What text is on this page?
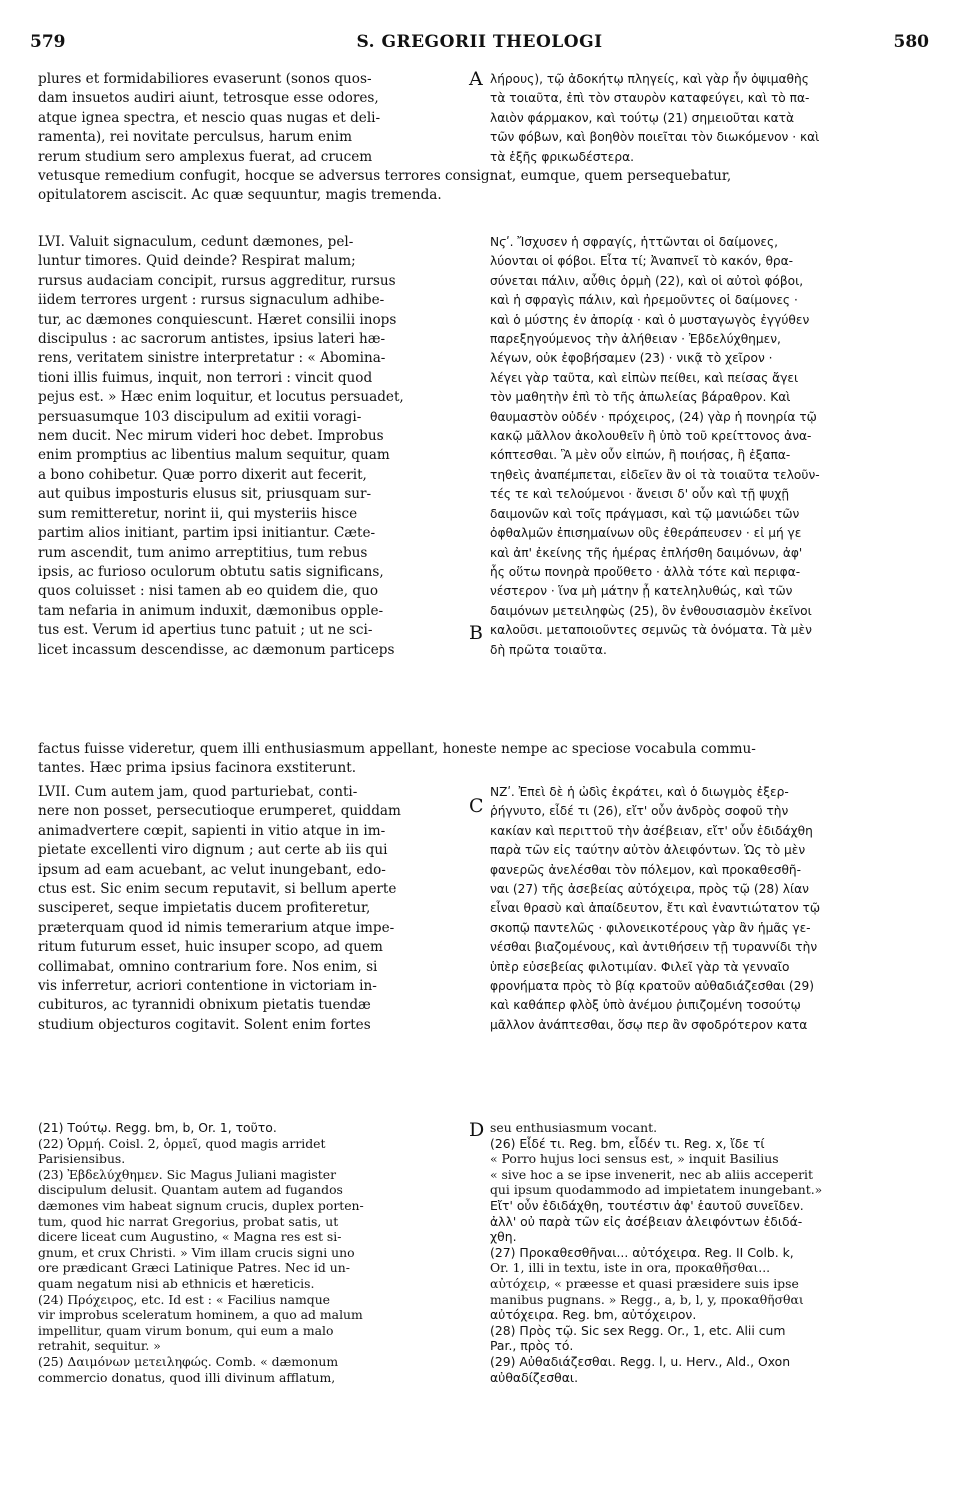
579	S. GREGORII THEOLOGI	580
A
B
C
D
plures et formidabiliores evaserunt (sonos quos-
dam insuetos audiri aiunt, tetrosque esse odores,
atque ignea spectra, et nescio quas nugas et deli-
ramenta), rei novitate perculsus, harum enim
rerum studium sero amplexus fuerat, ad crucem
λήρους), τῷ ἀδοκήτῳ πληγείς, καὶ γὰρ ἦν ὀψιμαθὴς
τὰ τοιαῦτα, ἐπὶ τὸν σταυρὸν καταφεύγει, καὶ τὸ πα-
λαιὸν φάρμακον, καὶ τούτῳ (21) σημειοῦται κατὰ
τῶν φόβων, καὶ βοηθὸν ποιεῖται τὸν διωκόμενον · καὶ
τὰ ἑξῆς φρικωδέστερα.
vetusque remedium confugit, hocque se adversus terrores consignat, eumque, quem persequebatur,
opitulatorem asciscit. Ac quæ sequuntur, magis tremenda.
LVI. Valuit signaculum, cedunt dæmones, pel-
luntur timores. Quid deinde? Respirat malum;
rursus audaciam concipit, rursus aggreditur, rursus
iidem terrores urgent : rursus signaculum adhibe-
tur, ac dæmones conquiescunt. Hæret consilii inops
discipulus : ac sacrorum antistes, ipsius lateri hæ-
rens, veritatem sinistre interpretatur : « Abomina-
tioni illis fuimus, inquit, non terrori : vincit quod
pejus est. » Hæc enim loquitur, et locutus persuadet,
persuasumque 103 discipulum ad exitii voragi-
nem ducit. Nec mirum videri hoc debet. Improbus
enim promptius ac libentius malum sequitur, quam
a bono cohibetur. Quæ porro dixerit aut fecerit,
aut quibus imposturis elusus sit, priusquam sur-
sum remitteretur, norint ii, qui mysteriis hisce
partim alios initiant, partim ipsi initiantur. Cæte-
rum ascendit, tum animo arreptitius, tum rebus
ipsis, ac furioso oculorum obtutu satis significans,
quos coluisset : nisi tamen ab eo quidem die, quo
tam nefaria in animum induxit, dæmonibus opple-
tus est. Verum id apertius tunc patuit ; ut ne sci-
licet incassum descendisse, ac dæmonum particeps
Νϛʹ. Ἴσχυσεν ἡ σφραγίς, ἡττῶνται οἱ δαίμονες,
λύονται οἱ φόβοι. Εἶτα τί; Ἀναπνεῖ τὸ κακόν, θρα-
σύνεται πάλιν, αὖθις ὁρμὴ (22), καὶ οἱ αὐτοὶ φόβοι,
καὶ ἡ σφραγὶς πάλιν, καὶ ἠρεμοῦντες οἱ δαίμονες ·
καὶ ὁ μύστης ἐν ἀπορίᾳ · καὶ ὁ μυσταγωγὸς ἐγγύθεν
παρεξηγούμενος τὴν ἀλήθειαν · Ἐβδελύχθημεν,
λέγων, οὐκ ἐφοβήσαμεν (23) · νικᾷ τὸ χεῖρον ·
λέγει γὰρ ταῦτα, καὶ εἰπὼν πείθει, καὶ πείσας ἄγει
τὸν μαθητὴν ἐπὶ τὸ τῆς ἀπωλείας βάραθρον. Καὶ
θαυμαστὸν οὐδέν · πρόχειρος, (24) γὰρ ἡ πονηρία τῷ
κακῷ μᾶλλον ἀκολουθεῖν ἢ ὑπὸ τοῦ κρείττονος ἀνα-
κόπτεσθαι. Ἃ μὲν οὖν εἰπών, ἢ ποιήσας, ἢ ἐξαπα-
τηθεὶς ἀναπέμπεται, εἰδεῖεν ἂν οἱ τὰ τοιαῦτα τελοῦν-
τές τε καὶ τελούμενοι · ἄνεισι δ' οὖν καὶ τῇ ψυχῇ
δαιμονῶν καὶ τοῖς πράγμασι, καὶ τῷ μανιώδει τῶν
ὀφθαλμῶν ἐπισημαίνων οὓς ἐθεράπευσεν · εἰ μή γε
καὶ ἀπ' ἐκείνης τῆς ἡμέρας ἐπλήσθη δαιμόνων, ἀφ'
ἧς οὕτω πονηρὰ προὔθετο · ἀλλὰ τότε καὶ περιφα-
νέστερον · ἵνα μὴ μάτην ᾖ κατεληλυθώς, καὶ τῶν
δαιμόνων μετειληφὼς (25), ὃν ἐνθουσιασμὸν ἐκεῖνοι
καλοῦσι. μεταποιοῦντες σεμνῶς τὰ ὀνόματα. Τὰ μὲν
δὴ πρῶτα τοιαῦτα.
factus fuisse videretur, quem illi enthusiasmum appellant, honeste nempe ac speciose vocabula commu-
tantes. Hæc prima ipsius facinora exstiterunt.
LVII. Cum autem jam, quod parturiebat, conti-
nere non posset, persecutioque erumperet, quiddam
animadvertere cœpit, sapienti in vitio atque in im-
pietate excellenti viro dignum ; aut certe ab iis qui
ipsum ad eam acuebant, ac velut inungebant, edo-
ctus est. Sic enim secum reputavit, si bellum aperte
susciperet, seque impietatis ducem profiteretur,
præterquam quod id nimis temerarium atque impe-
ritum futurum esset, huic insuper scopo, ad quem
collimabat, omnino contrarium fore. Nos enim, si
vis inferretur, acriori contentione in victoriam in-
cubituros, ac tyrannidi obnixum pietatis tuendæ
studium objecturos cogitavit. Solent enim fortes
ΝΖʹ. Ἐπεὶ δὲ ἡ ὠδὶς ἐκράτει, καὶ ὁ διωγμὸς ἐξερ-
ῥήγνυτο, εἶδέ τι (26), εἴτ' οὖν ἀνδρὸς σοφοῦ τὴν
κακίαν καὶ περιττοῦ τὴν ἀσέβειαν, εἴτ' οὖν ἐδιδάχθη
παρὰ τῶν εἰς ταύτην αὐτὸν ἀλειφόντων. Ὡς τὸ μὲν
φανερῶς ἀνελέσθαι τὸν πόλεμον, καὶ προκαθεσθῆ-
ναι (27) τῆς ἀσεβείας αὐτόχειρα, πρὸς τῷ (28) λίαν
εἶναι θρασὺ καὶ ἀπαίδευτον, ἔτι καὶ ἐναντιώτατον τῷ
σκοπῷ παντελῶς · φιλονεικοτέρους γὰρ ἂν ἡμᾶς γε-
νέσθαι βιαζομένους, καὶ ἀντιθήσειν τῇ τυραννίδι τὴν
ὑπὲρ εὐσεβείας φιλοτιμίαν. Φιλεῖ γὰρ τὰ γενναῖο
φρονήματα πρὸς τὸ βίᾳ κρατοῦν αὐθαδιάζεσθαι (29)
καὶ καθάπερ φλὸξ ὑπὸ ἀνέμου ῥιπιζομένη τοσούτῳ
μᾶλλον ἀνάπτεσθαι, ὅσῳ περ ἂν σφοδρότερον κατα
(21) Τούτῳ. Regg. bm, b, Or. 1, τοῦτο.
(22) Ὁρμή. Coisl. 2, ὁρμεῖ, quod magis arridet
Parisiensibus.
(23) Ἐβδελύχθημεν. Sic Magus Juliani magister
discipulum delusit. Quantam autem ad fugandos
dæmones vim habeat signum crucis, duplex porten-
tum, quod hic narrat Gregorius, probat satis, ut
dicere liceat cum Augustino, « Magna res est si-
gnum, et crux Christi. » Vim illam crucis signi uno
ore prædicant Græci Latinique Patres. Nec id un-
quam negatum nisi ab ethnicis et hæreticis.
(24) Πρόχειρος, etc. Id est : « Facilius namque
vir improbus sceleratum hominem, a quo ad malum
impellitur, quam virum bonum, qui eum a malo
retrahit, sequitur. »
(25) Δαιμόνων μετειληφώς. Comb. « dæmonum
commercio donatus, quod illi divinum afflatum,
seu enthusiasmum vocant.
(26) Εἶδέ τι. Reg. bm, εἶδέν τι. Reg. x, ἴδε τί
« Porro hujus loci sensus est, » inquit Basilius
« sive hoc a se ipse invenerit, nec ab aliis acceperit
qui ipsum quodammodo ad impietatem inungebant.»
Εἴτ' οὖν ἐδιδάχθη, τουτέστιν ἀφ' ἑαυτοῦ συνεῖδεν.
ἀλλ' οὐ παρὰ τῶν εἰς ἀσέβειαν ἀλειφόντων ἐδιδά-
χθη.
(27) Προκαθεσθῆναι... αὐτόχειρα. Reg. II Colb. k,
Or. 1, illi in textu, iste in ora, προκαθῆσθαι...
αὐτόχειρ, « præesse et quasi præsidere suis ipse
manibus pugnans. » Regg., a, b, l, y, προκαθῆσθαι
αὐτόχειρα. Reg. bm, αὐτόχειρον.
(28) Πρὸς τῷ. Sic sex Regg. Or., 1, etc. Alii cum
Par., πρὸς τό.
(29) Αὐθαδιάζεσθαι. Regg. l, u. Herv., Ald., Oxon
αὐθαδίζεσθαι.
